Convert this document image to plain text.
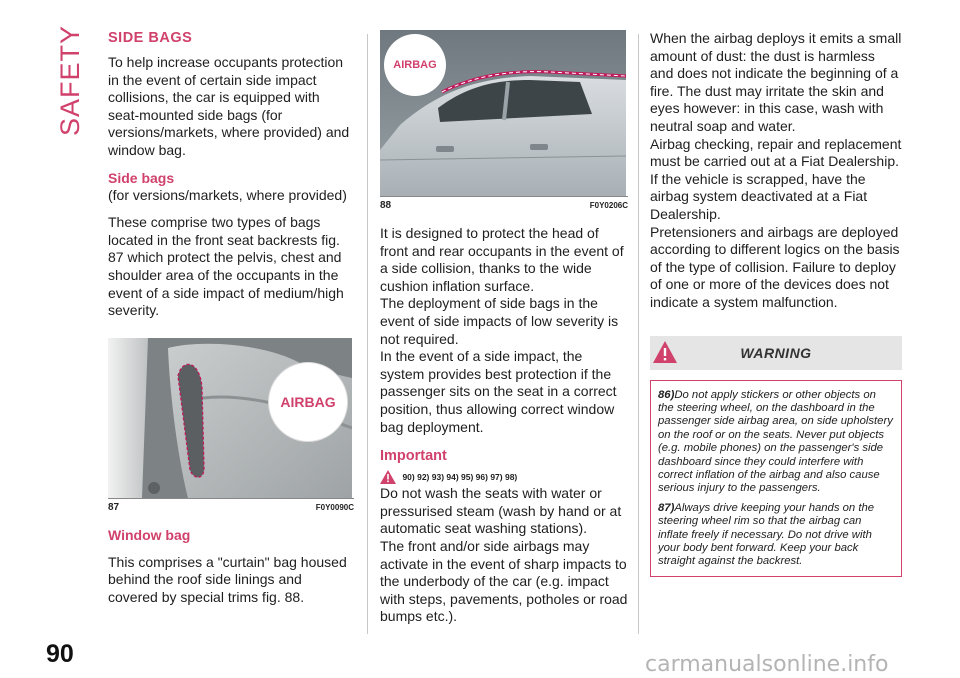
SAFETY
90	carmanualsonline.info
SIDE BAGS

To help increase occupants protection in the event of certain side impact collisions, the car is equipped with seat-mounted side bags (for versions/markets, where provided) and window bag.

Side bags

(for versions/markets, where provided)

These comprise two types of bags located in the front seat backrests fig. 87 which protect the pelvis, chest and shoulder area of the occupants in the event of a side impact of medium/high severity.

AIRBAG
87	F0Y0090C
Window bag

This comprises a "curtain" bag housed behind the roof side linings and covered by special trims fig. 88.

AIRBAG
88	F0Y0206C

It is designed to protect the head of front and rear occupants in the event of a side collision, thanks to the wide cushion inflation surface.

The deployment of side bags in the event of side impacts of low severity is not required.

In the event of a side impact, the system provides best protection if the passenger sits on the seat in a correct position, thus allowing correct window bag deployment.

Important
90) 92) 93) 94) 95) 96) 97) 98)

Do not wash the seats with water or pressurised steam (wash by hand or at automatic seat washing stations).

The front and/or side airbags may activate in the event of sharp impacts to the underbody of the car (e.g. impact with steps, pavements, potholes or road bumps etc.).

When the airbag deploys it emits a small amount of dust: the dust is harmless and does not indicate the beginning of a fire. The dust may irritate the skin and eyes however: in this case, wash with neutral soap and water.

Airbag checking, repair and replacement must be carried out at a Fiat Dealership.

If the vehicle is scrapped, have the airbag system deactivated at a Fiat Dealership.

Pretensioners and airbags are deployed according to different logics on the basis of the type of collision. Failure to deploy of one or more of the devices does not indicate a system malfunction.

WARNING

86)Do not apply stickers or other objects on the steering wheel, on the dashboard in the passenger side airbag area, on side upholstery on the roof or on the seats. Never put objects (e.g. mobile phones) on the passenger's side dashboard since they could interfere with correct inflation of the airbag and also cause serious injury to the passengers.

87)Always drive keeping your hands on the steering wheel rim so that the airbag can inflate freely if necessary. Do not drive with your body bent forward. Keep your back straight against the backrest.
